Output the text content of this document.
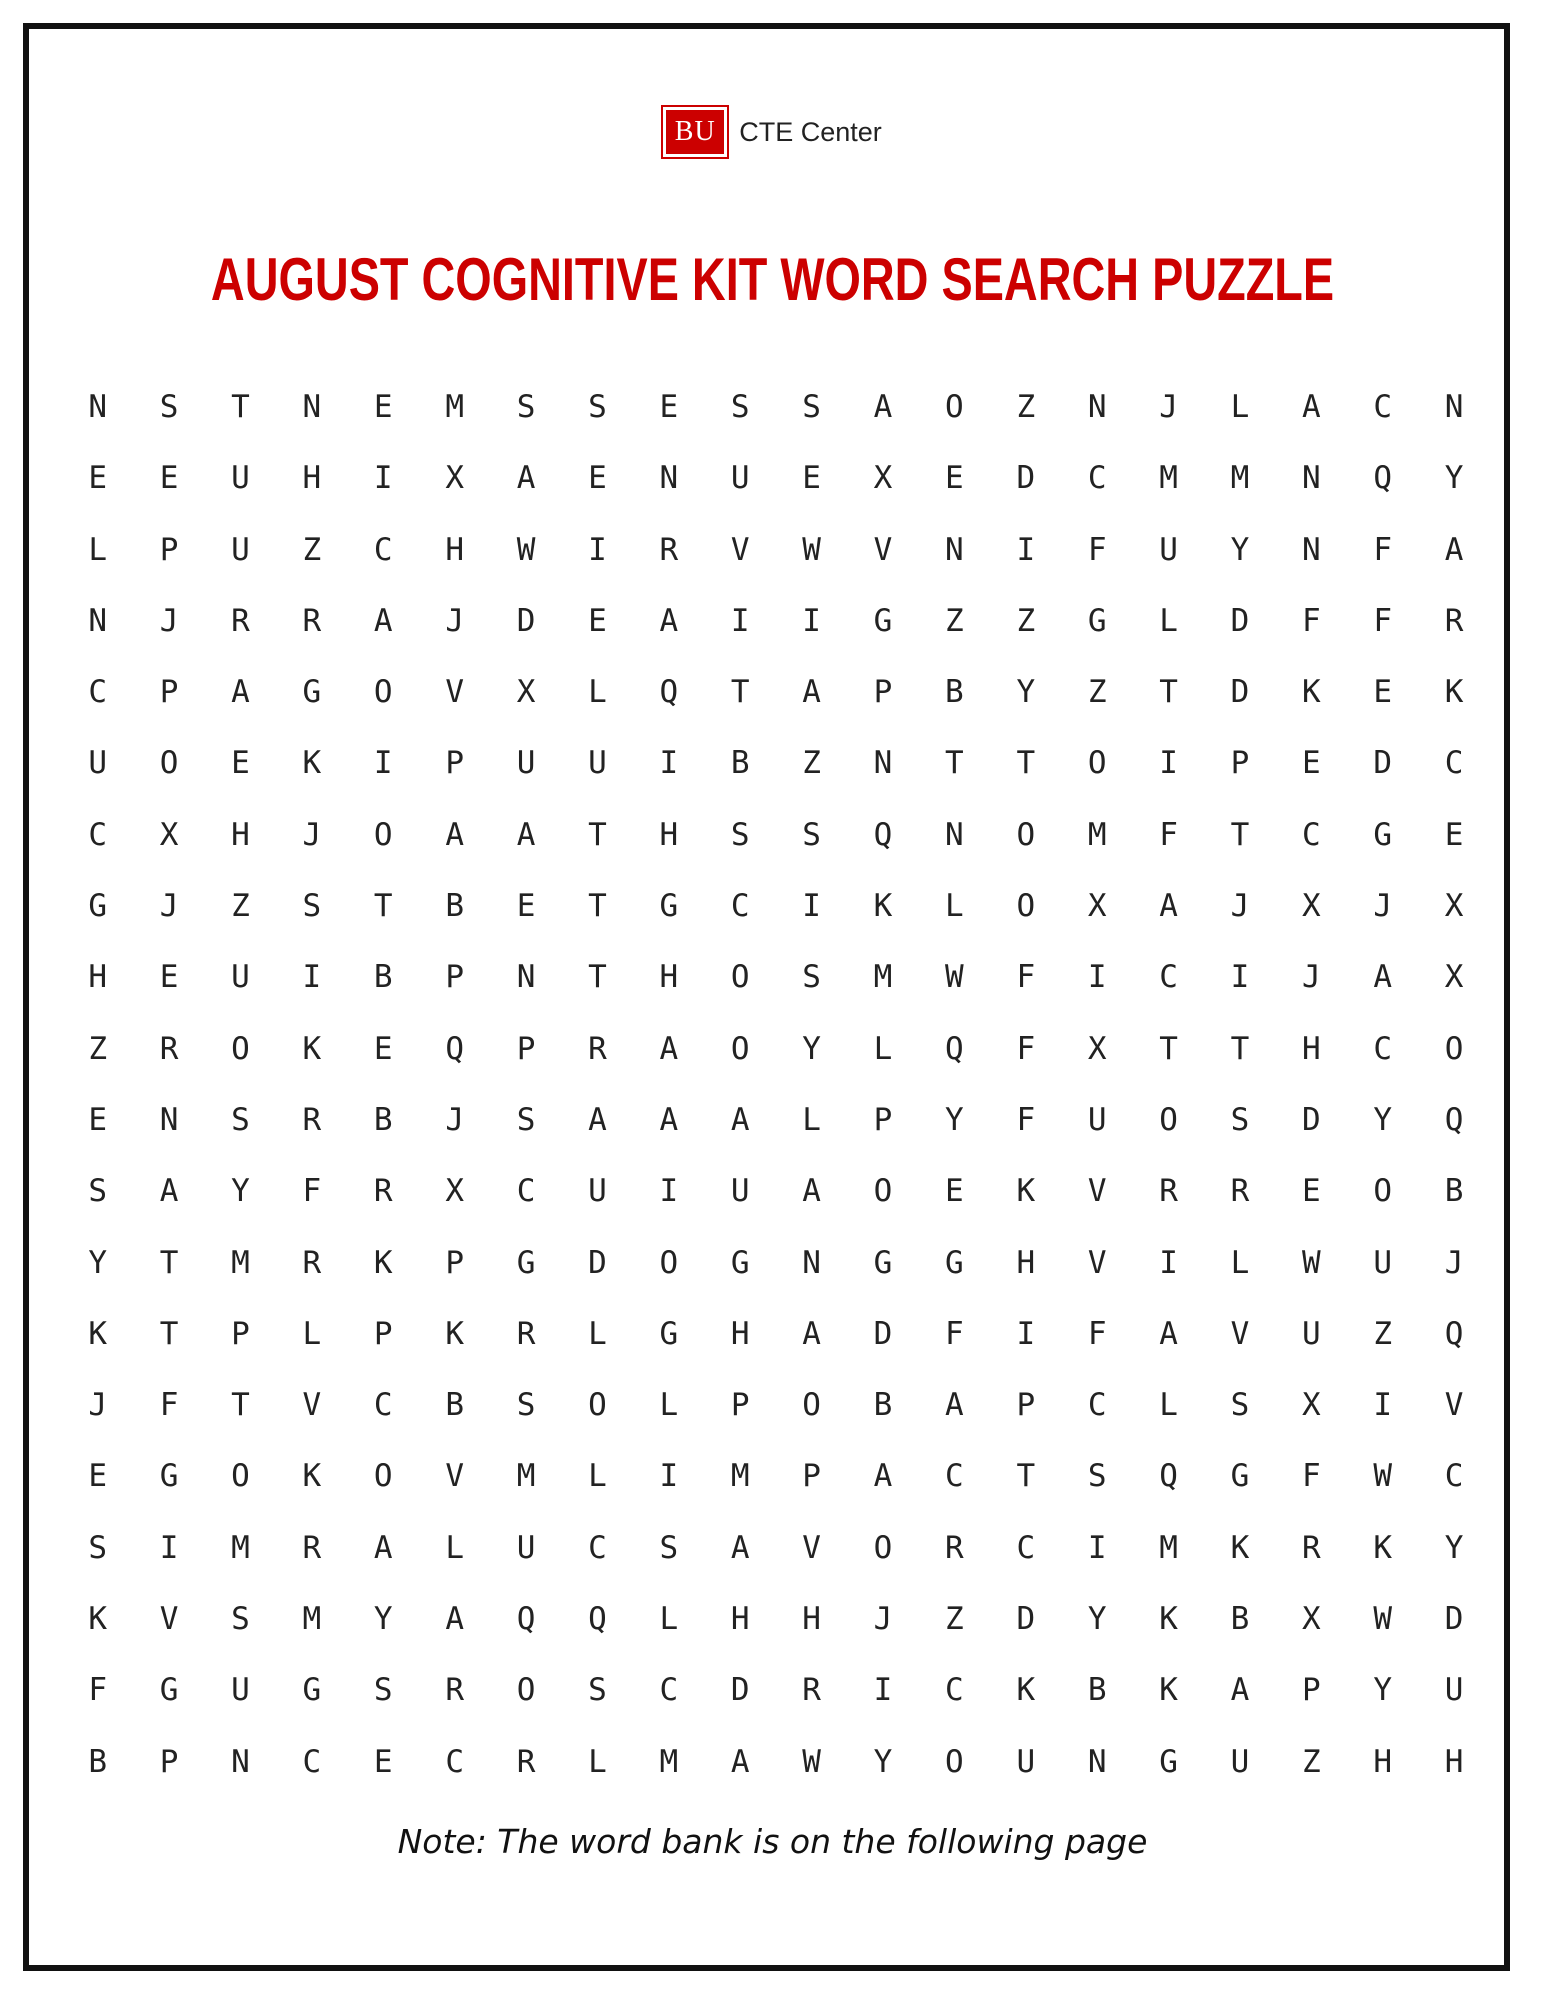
BU CTE Center
AUGUST COGNITIVE KIT WORD SEARCH PUZZLE
N	S	T	N	E	M	S	S	E	S	S	A	O	Z	N	J	L	A	C	N
E	E	U	H	I	X	A	E	N	U	E	X	E	D	C	M	M	N	Q	Y
L	P	U	Z	C	H	W	I	R	V	W	V	N	I	F	U	Y	N	F	A
N	J	R	R	A	J	D	E	A	I	I	G	Z	Z	G	L	D	F	F	R
C	P	A	G	O	V	X	L	Q	T	A	P	B	Y	Z	T	D	K	E	K
U	O	E	K	I	P	U	U	I	B	Z	N	T	T	O	I	P	E	D	C
C	X	H	J	O	A	A	T	H	S	S	Q	N	O	M	F	T	C	G	E
G	J	Z	S	T	B	E	T	G	C	I	K	L	O	X	A	J	X	J	X
H	E	U	I	B	P	N	T	H	O	S	M	W	F	I	C	I	J	A	X
Z	R	O	K	E	Q	P	R	A	O	Y	L	Q	F	X	T	T	H	C	O
E	N	S	R	B	J	S	A	A	A	L	P	Y	F	U	O	S	D	Y	Q
S	A	Y	F	R	X	C	U	I	U	A	O	E	K	V	R	R	E	O	B
Y	T	M	R	K	P	G	D	O	G	N	G	G	H	V	I	L	W	U	J
K	T	P	L	P	K	R	L	G	H	A	D	F	I	F	A	V	U	Z	Q
J	F	T	V	C	B	S	O	L	P	O	B	A	P	C	L	S	X	I	V
E	G	O	K	O	V	M	L	I	M	P	A	C	T	S	Q	G	F	W	C
S	I	M	R	A	L	U	C	S	A	V	O	R	C	I	M	K	R	K	Y
K	V	S	M	Y	A	Q	Q	L	H	H	J	Z	D	Y	K	B	X	W	D
F	G	U	G	S	R	O	S	C	D	R	I	C	K	B	K	A	P	Y	U
B	P	N	C	E	C	R	L	M	A	W	Y	O	U	N	G	U	Z	H	H
Note: The word bank is on the following page
